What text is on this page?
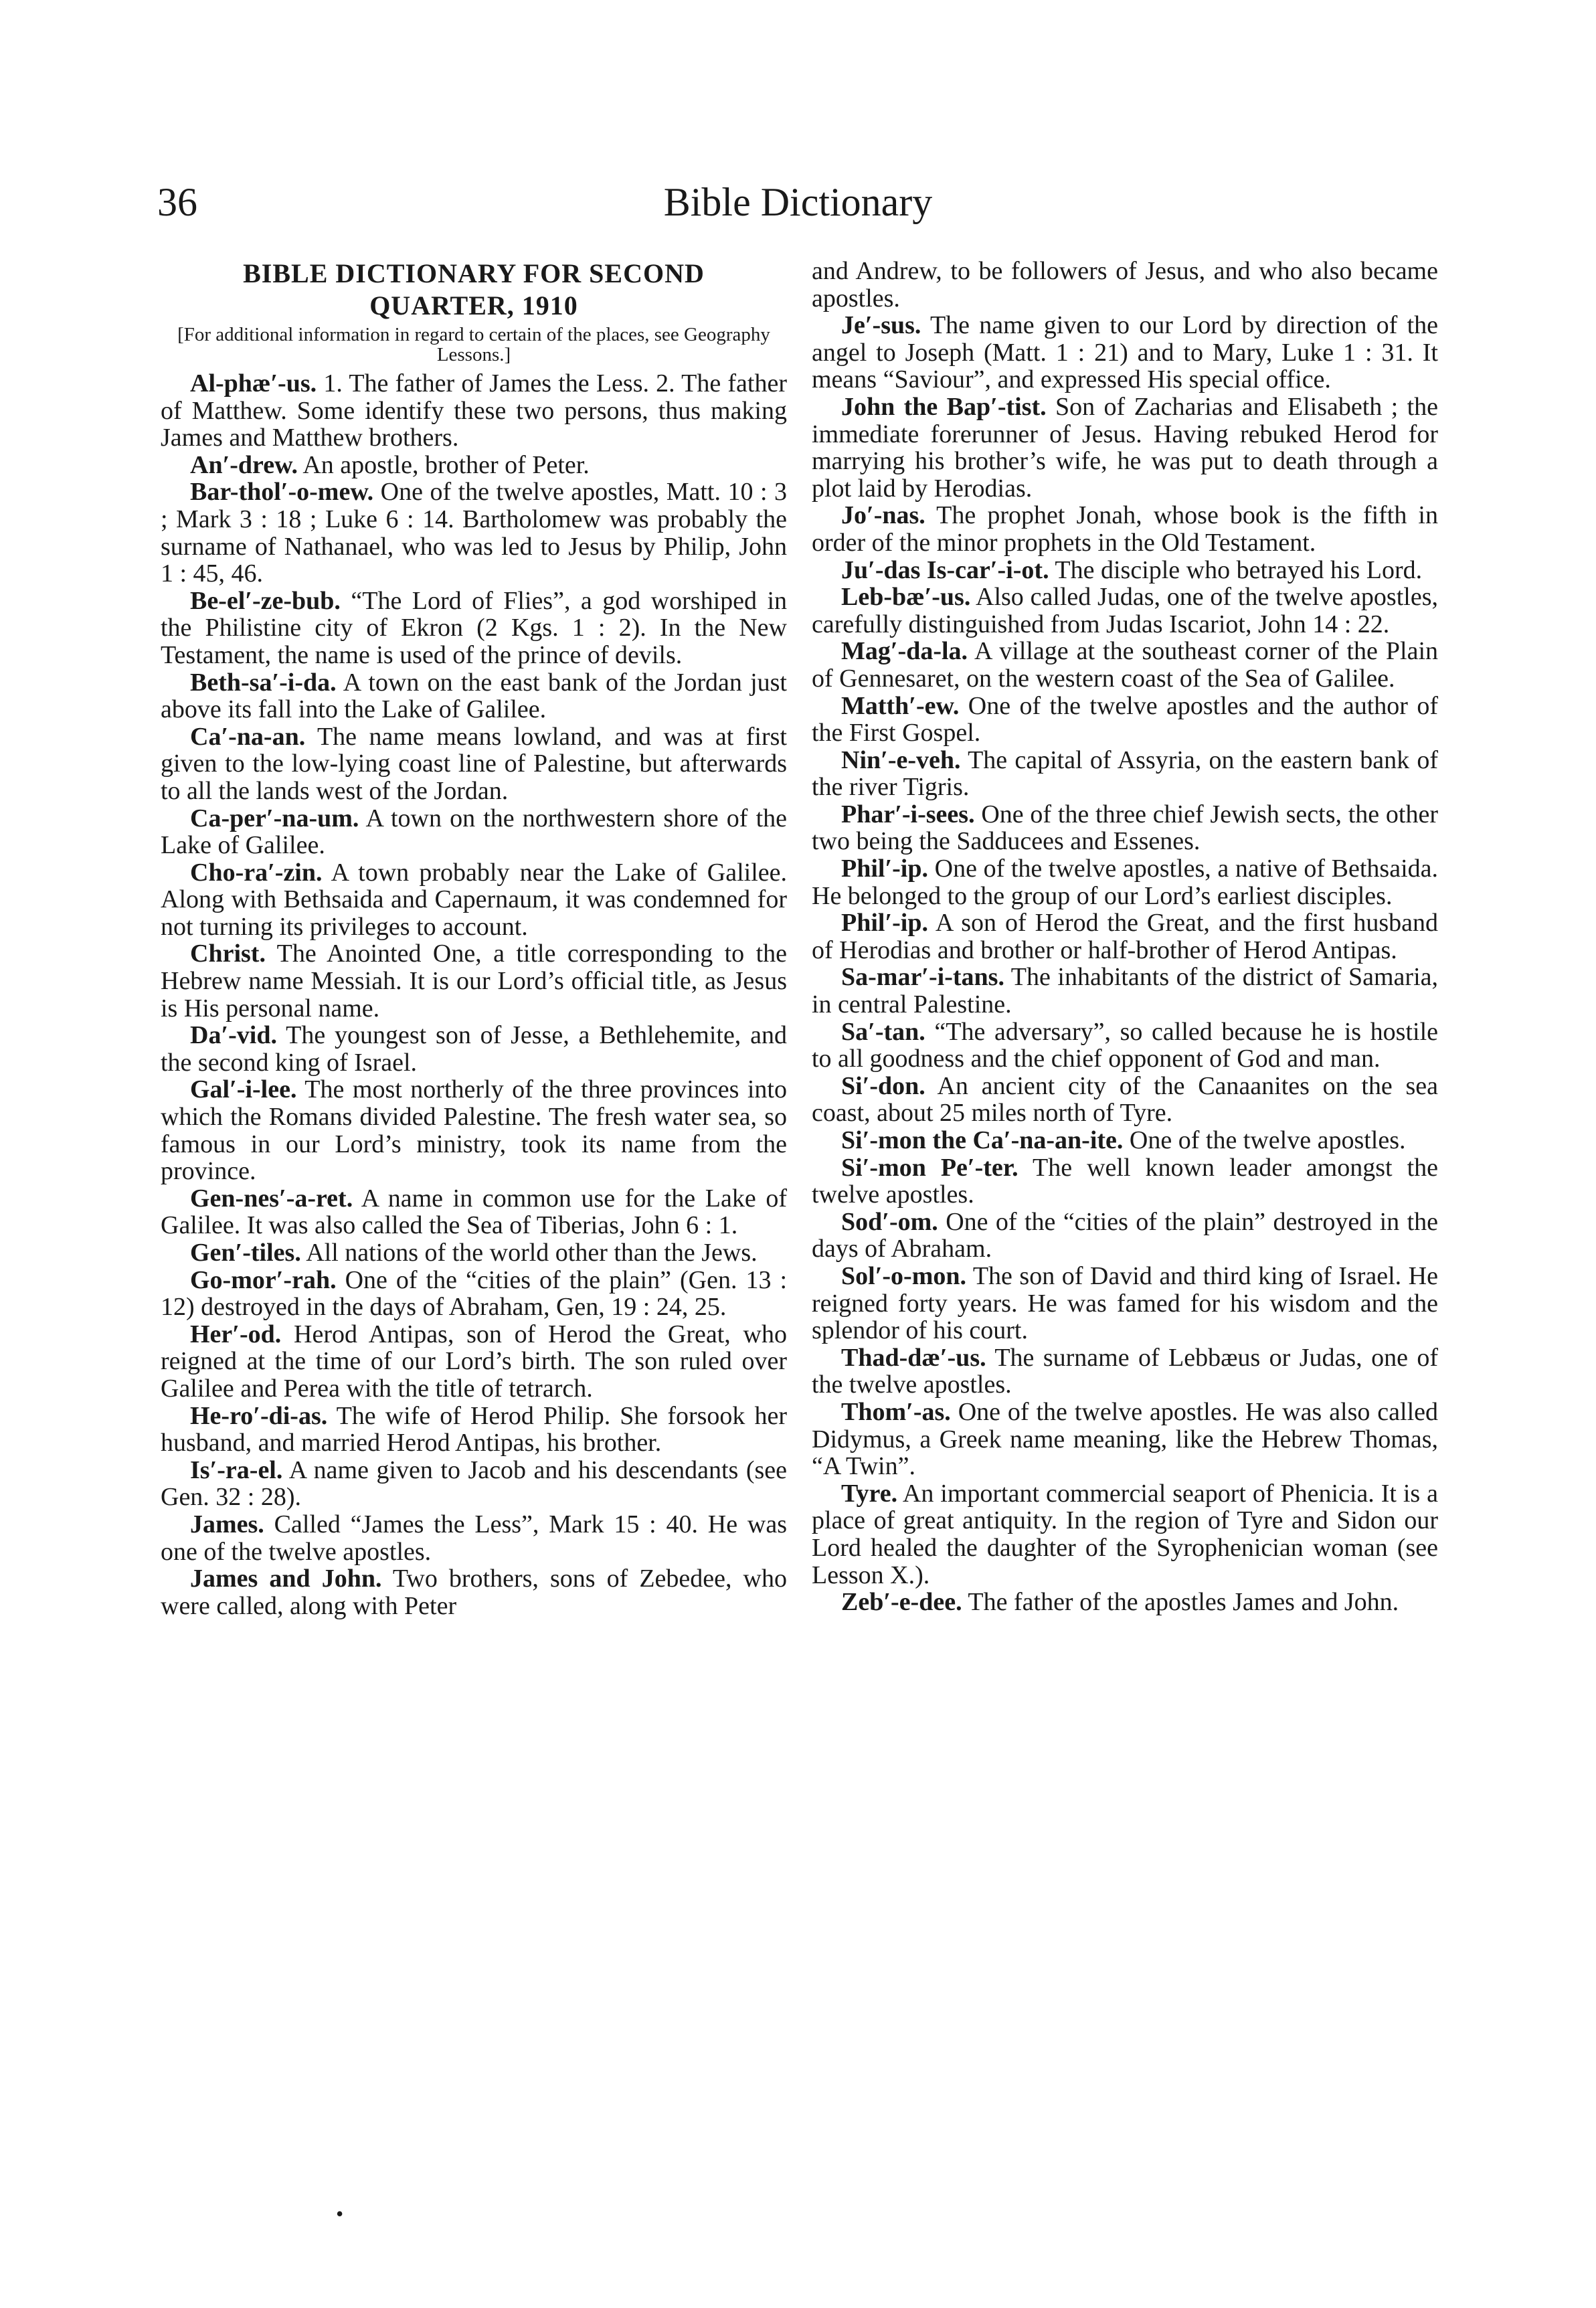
36	Bible Dictionary
BIBLE DICTIONARY FOR SECOND
QUARTER, 1910

[For additional information in regard to certain of the places, see Geography Lessons.]

Al-phæ′-us. 1. The father of James the Less. 2. The father of Matthew. Some identify these two persons, thus making James and Matthew brothers.

An′-drew. An apostle, brother of Peter.

Bar-thol′-o-mew. One of the twelve apostles, Matt. 10 : 3 ; Mark 3 : 18 ; Luke 6 : 14. Bartholomew was probably the surname of Nathanael, who was led to Jesus by Philip, John 1 : 45, 46.

Be-el′-ze-bub. “The Lord of Flies”, a god worshiped in the Philistine city of Ekron (2 Kgs. 1 : 2). In the New Testament, the name is used of the prince of devils.

Beth-sa′-i-da. A town on the east bank of the Jordan just above its fall into the Lake of Galilee.

Ca′-na-an. The name means lowland, and was at first given to the low-lying coast line of Palestine, but afterwards to all the lands west of the Jordan.

Ca-per′-na-um. A town on the northwestern shore of the Lake of Galilee.

Cho-ra′-zin. A town probably near the Lake of Galilee. Along with Bethsaida and Capernaum, it was condemned for not turning its privileges to account.

Christ. The Anointed One, a title corresponding to the Hebrew name Messiah. It is our Lord’s official title, as Jesus is His personal name.

Da′-vid. The youngest son of Jesse, a Bethlehemite, and the second king of Israel.

Gal′-i-lee. The most northerly of the three provinces into which the Romans divided Palestine. The fresh water sea, so famous in our Lord’s ministry, took its name from the province.

Gen-nes′-a-ret. A name in common use for the Lake of Galilee. It was also called the Sea of Tiberias, John 6 : 1.

Gen′-tiles. All nations of the world other than the Jews.

Go-mor′-rah. One of the “cities of the plain” (Gen. 13 : 12) destroyed in the days of Abraham, Gen, 19 : 24, 25.

Her′-od. Herod Antipas, son of Herod the Great, who reigned at the time of our Lord’s birth. The son ruled over Galilee and Perea with the title of tetrarch.

He-ro′-di-as. The wife of Herod Philip. She forsook her husband, and married Herod Antipas, his brother.

Is′-ra-el. A name given to Jacob and his descendants (see Gen. 32 : 28).

James. Called “James the Less”, Mark 15 : 40. He was one of the twelve apostles.

James and John. Two brothers, sons of Zebedee, who were called, along with Peter

and Andrew, to be followers of Jesus, and who also became apostles.

Je′-sus. The name given to our Lord by direction of the angel to Joseph (Matt. 1 : 21) and to Mary, Luke 1 : 31. It means “Saviour”, and expressed His special office.

John the Bap′-tist. Son of Zacharias and Elisabeth ; the immediate forerunner of Jesus. Having rebuked Herod for marrying his brother’s wife, he was put to death through a plot laid by Herodias.

Jo′-nas. The prophet Jonah, whose book is the fifth in order of the minor prophets in the Old Testament.

Ju′-das Is-car′-i-ot. The disciple who betrayed his Lord.

Leb-bæ′-us. Also called Judas, one of the twelve apostles, carefully distinguished from Judas Iscariot, John 14 : 22.

Mag′-da-la. A village at the southeast corner of the Plain of Gennesaret, on the western coast of the Sea of Galilee.

Matth′-ew. One of the twelve apostles and the author of the First Gospel.

Nin′-e-veh. The capital of Assyria, on the eastern bank of the river Tigris.

Phar′-i-sees. One of the three chief Jewish sects, the other two being the Sadducees and Essenes.

Phil′-ip. One of the twelve apostles, a native of Bethsaida. He belonged to the group of our Lord’s earliest disciples.

Phil′-ip. A son of Herod the Great, and the first husband of Herodias and brother or half-brother of Herod Antipas.

Sa-mar′-i-tans. The inhabitants of the district of Samaria, in central Palestine.

Sa′-tan. “The adversary”, so called because he is hostile to all goodness and the chief opponent of God and man.

Si′-don. An ancient city of the Canaanites on the sea coast, about 25 miles north of Tyre.

Si′-mon the Ca′-na-an-ite. One of the twelve apostles.

Si′-mon Pe′-ter. The well known leader amongst the twelve apostles.

Sod′-om. One of the “cities of the plain” destroyed in the days of Abraham.

Sol′-o-mon. The son of David and third king of Israel. He reigned forty years. He was famed for his wisdom and the splendor of his court.

Thad-dæ′-us. The surname of Lebbæus or Judas, one of the twelve apostles.

Thom′-as. One of the twelve apostles. He was also called Didymus, a Greek name meaning, like the Hebrew Thomas, “A Twin”.

Tyre. An important commercial seaport of Phenicia. It is a place of great antiquity. In the region of Tyre and Sidon our Lord healed the daughter of the Syrophenician woman (see Lesson X.).

Zeb′-e-dee. The father of the apostles James and John.

•
